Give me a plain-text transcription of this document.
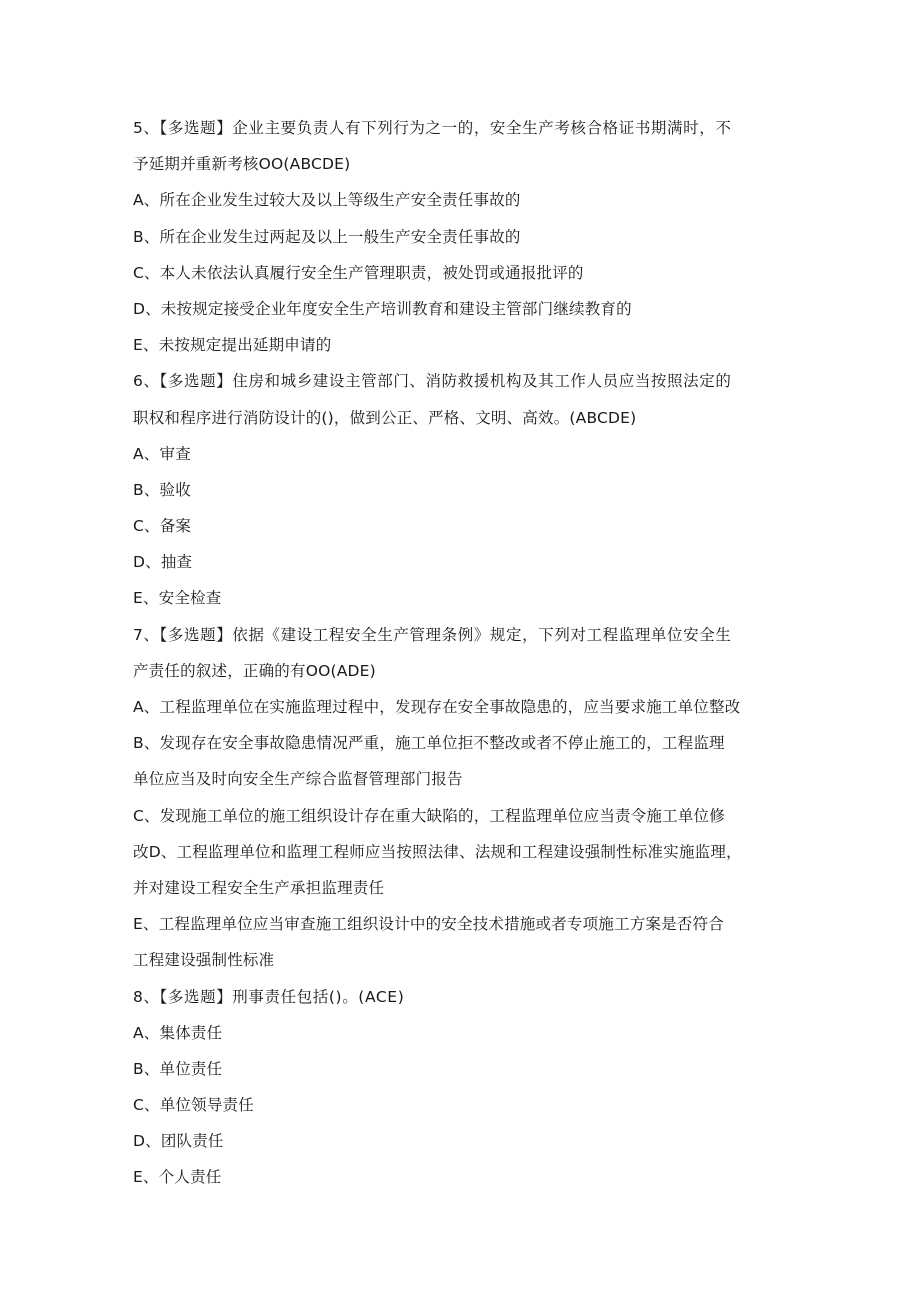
5、【多选题】企业主要负责人有下列行为之一的，安全生产考核合格证书期满时，不
予延期并重新考核OO(ABCDE)
A、所在企业发生过较大及以上等级生产安全责任事故的
B、所在企业发生过两起及以上一般生产安全责任事故的
C、本人未依法认真履行安全生产管理职责，被处罚或通报批评的
D、未按规定接受企业年度安全生产培训教育和建设主管部门继续教育的
E、未按规定提出延期申请的
6、【多选题】住房和城乡建设主管部门、消防救援机构及其工作人员应当按照法定的
职权和程序进行消防设计的()，做到公正、严格、文明、高效。(ABCDE)
A、审查
B、验收
C、备案
D、抽查
E、安全检查
7、【多选题】依据《建设工程安全生产管理条例》规定，下列对工程监理单位安全生
产责任的叙述，正确的有OO(ADE)
A、工程监理单位在实施监理过程中，发现存在安全事故隐患的，应当要求施工单位整改
B、发现存在安全事故隐患情况严重，施工单位拒不整改或者不停止施工的，工程监理
单位应当及时向安全生产综合监督管理部门报告
C、发现施工单位的施工组织设计存在重大缺陷的，工程监理单位应当责令施工单位修
改D、工程监理单位和监理工程师应当按照法律、法规和工程建设强制性标准实施监理，
并对建设工程安全生产承担监理责任
E、工程监理单位应当审查施工组织设计中的安全技术措施或者专项施工方案是否符合
工程建设强制性标准
8、【多选题】刑事责任包括()。(ACE)
A、集体责任
B、单位责任
C、单位领导责任
D、团队责任
E、个人责任
